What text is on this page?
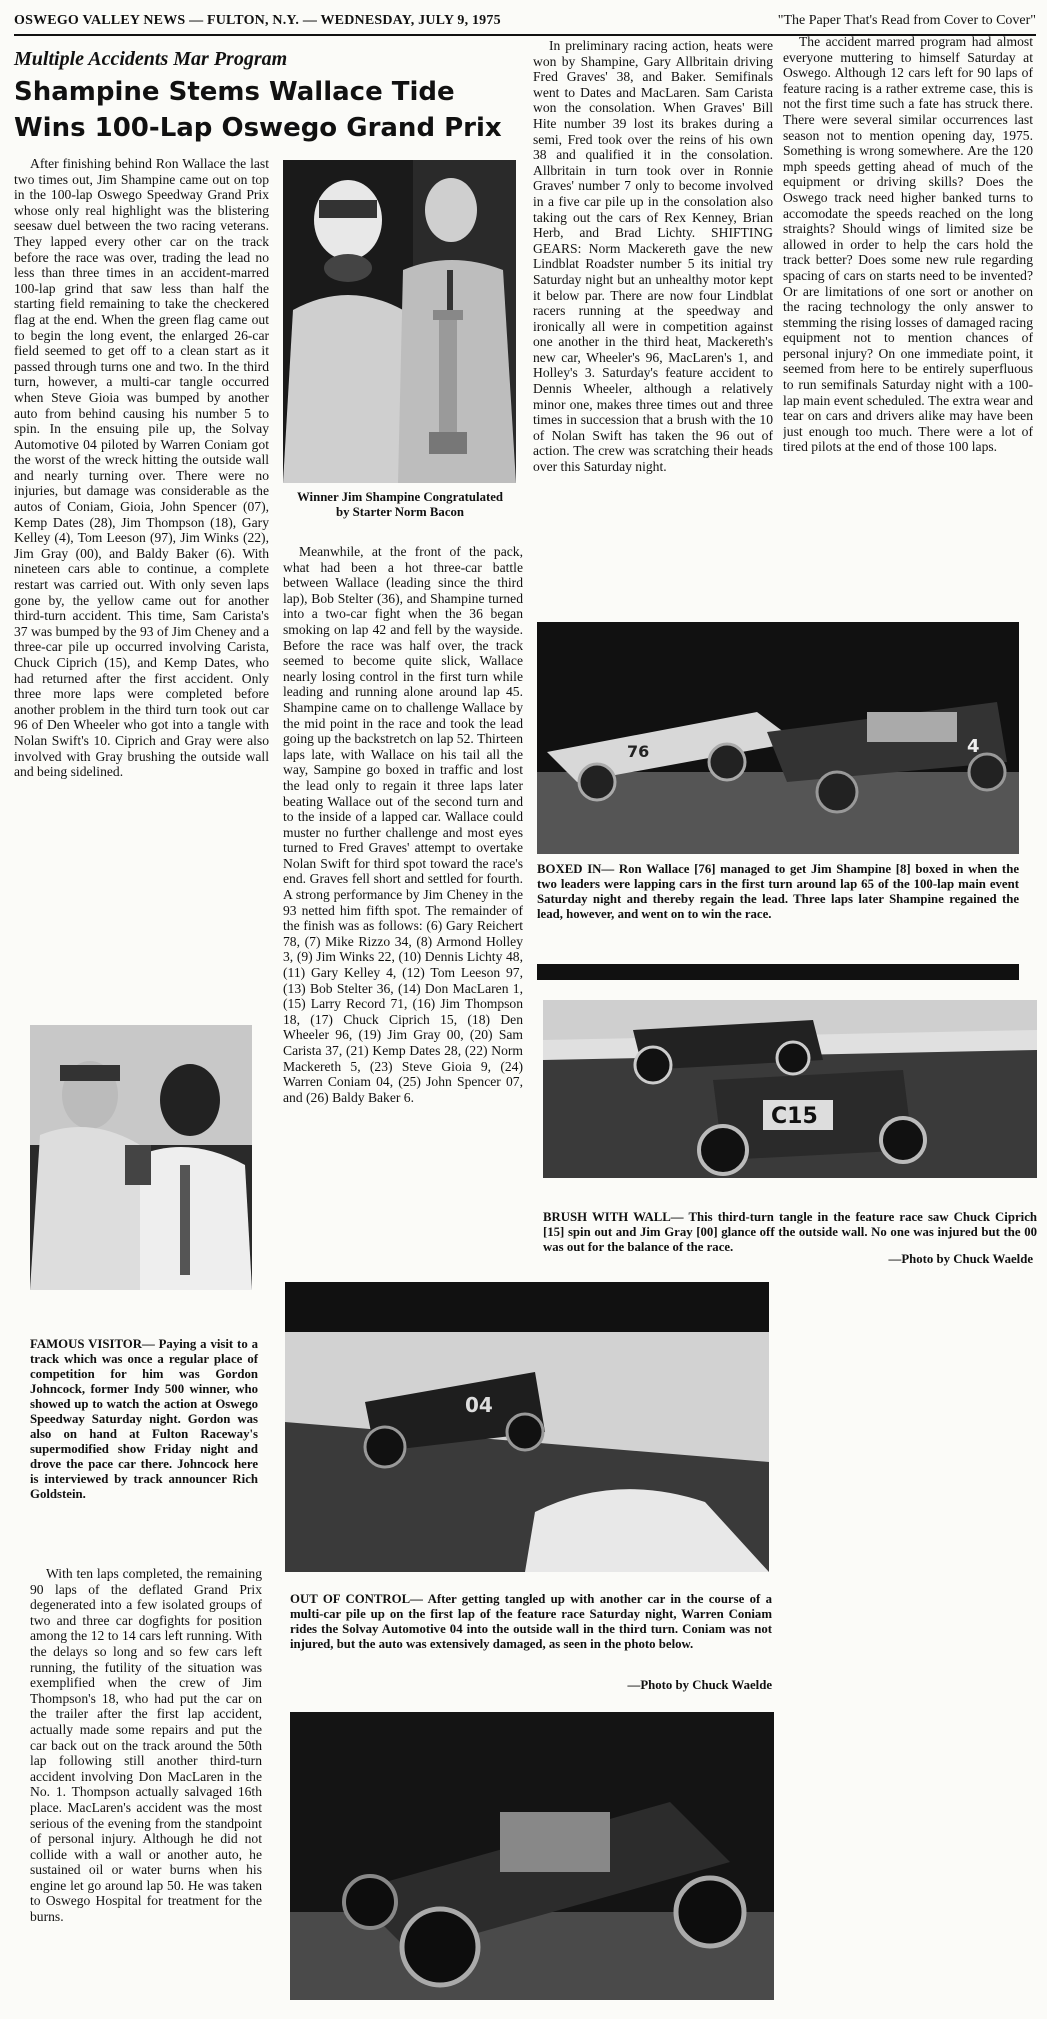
OSWEGO VALLEY NEWS — FULTON, N.Y. — WEDNESDAY, JULY 9, 1975	"The Paper That's Read from Cover to Cover"
Multiple Accidents Mar Program
Shampine Stems Wallace Tide
Wins 100-Lap Oswego Grand Prix

After finishing behind Ron Wallace the last two times out, Jim Shampine came out on top in the 100-lap Oswego Speedway Grand Prix whose only real highlight was the blistering seesaw duel between the two racing veterans. They lapped every other car on the track before the race was over, trading the lead no less than three times in an accident-marred 100-lap grind that saw less than half the starting field remaining to take the checkered flag at the end. When the green flag came out to begin the long event, the enlarged 26-car field seemed to get off to a clean start as it passed through turns one and two. In the third turn, however, a multi-car tangle occurred when Steve Gioia was bumped by another auto from behind causing his number 5 to spin. In the ensuing pile up, the Solvay Automotive 04 piloted by Warren Coniam got the worst of the wreck hitting the outside wall and nearly turning over. There were no injuries, but damage was considerable as the autos of Coniam, Gioia, John Spencer (07), Kemp Dates (28), Jim Thompson (18), Gary Kelley (4), Tom Leeson (97), Jim Winks (22), Jim Gray (00), and Baldy Baker (6). With nineteen cars able to continue, a complete restart was carried out. With only seven laps gone by, the yellow came out for another third-turn accident. This time, Sam Carista's 37 was bumped by the 93 of Jim Cheney and a three-car pile up occurred involving Carista, Chuck Ciprich (15), and Kemp Dates, who had returned after the first accident. Only three more laps were completed before another problem in the third turn took out car 96 of Den Wheeler who got into a tangle with Nolan Swift's 10. Ciprich and Gray were also involved with Gray brushing the outside wall and being sidelined.

Winner Jim Shampine Congratulated by Starter Norm Bacon

Meanwhile, at the front of the pack, what had been a hot three-car battle between Wallace (leading since the third lap), Bob Stelter (36), and Shampine turned into a two-car fight when the 36 began smoking on lap 42 and fell by the wayside. Before the race was half over, the track seemed to become quite slick, Wallace nearly losing control in the first turn while leading and running alone around lap 45. Shampine came on to challenge Wallace by the mid point in the race and took the lead going up the backstretch on lap 52. Thirteen laps late, with Wallace on his tail all the way, Sampine go boxed in traffic and lost the lead only to regain it three laps later beating Wallace out of the second turn and to the inside of a lapped car. Wallace could muster no further challenge and most eyes turned to Fred Graves' attempt to overtake Nolan Swift for third spot toward the race's end. Graves fell short and settled for fourth. A strong performance by Jim Cheney in the 93 netted him fifth spot. The remainder of the finish was as follows: (6) Gary Reichert 78, (7) Mike Rizzo 34, (8) Armond Holley 3, (9) Jim Winks 22, (10) Dennis Lichty 48, (11) Gary Kelley 4, (12) Tom Leeson 97, (13) Bob Stelter 36, (14) Don MacLaren 1, (15) Larry Record 71, (16) Jim Thompson 18, (17) Chuck Ciprich 15, (18) Den Wheeler 96, (19) Jim Gray 00, (20) Sam Carista 37, (21) Kemp Dates 28, (22) Norm Mackereth 5, (23) Steve Gioia 9, (24) Warren Coniam 04, (25) John Spencer 07, and (26) Baldy Baker 6.

In preliminary racing action, heats were won by Shampine, Gary Allbritain driving Fred Graves' 38, and Baker. Semifinals went to Dates and MacLaren. Sam Carista won the consolation. When Graves' Bill Hite number 39 lost its brakes during a semi, Fred took over the reins of his own 38 and qualified it in the consolation. Allbritain in turn took over in Ronnie Graves' number 7 only to become involved in a five car pile up in the consolation also taking out the cars of Rex Kenney, Brian Herb, and Brad Lichty. SHIFTING GEARS: Norm Mackereth gave the new Lindblat Roadster number 5 its initial try Saturday night but an unhealthy motor kept it below par. There are now four Lindblat racers running at the speedway and ironically all were in competition against one another in the third heat, Mackereth's new car, Wheeler's 96, MacLaren's 1, and Holley's 3. Saturday's feature accident to Dennis Wheeler, although a relatively minor one, makes three times out and three times in succession that a brush with the 10 of Nolan Swift has taken the 96 out of action. The crew was scratching their heads over this Saturday night.

The accident marred program had almost everyone muttering to himself Saturday at Oswego. Although 12 cars left for 90 laps of feature racing is a rather extreme case, this is not the first time such a fate has struck there. There were several similar occurrences last season not to mention opening day, 1975. Something is wrong somewhere. Are the 120 mph speeds getting ahead of much of the equipment or driving skills? Does the Oswego track need higher banked turns to accomodate the speeds reached on the long straights? Should wings of limited size be allowed in order to help the cars hold the track better? Does some new rule regarding spacing of cars on starts need to be invented? Or are limitations of one sort or another on the racing technology the only answer to stemming the rising losses of damaged racing equipment not to mention chances of personal injury? On one immediate point, it seemed from here to be entirely superfluous to run semifinals Saturday night with a 100-lap main event scheduled. The extra wear and tear on cars and drivers alike may have been just enough too much. There were a lot of tired pilots at the end of those 100 laps.

76	4
BOXED IN— Ron Wallace [76] managed to get Jim Shampine [8] boxed in when the two leaders were lapping cars in the first turn around lap 65 of the 100-lap main event Saturday night and thereby regain the lead. Three laps later Shampine regained the lead, however, and went on to win the race.
C15
BRUSH WITH WALL— This third-turn tangle in the feature race saw Chuck Ciprich [15] spin out and Jim Gray [00] glance off the outside wall. No one was injured but the 00 was out for the balance of the race.
—Photo by Chuck Waelde
FAMOUS VISITOR— Paying a visit to a track which was once a regular place of competition for him was Gordon Johncock, former Indy 500 winner, who showed up to watch the action at Oswego Speedway Saturday night. Gordon was also on hand at Fulton Raceway's supermodified show Friday night and drove the pace car there. Johncock here is interviewed by track announcer Rich Goldstein.
04
OUT OF CONTROL— After getting tangled up with another car in the course of a multi-car pile up on the first lap of the feature race Saturday night, Warren Coniam rides the Solvay Automotive 04 into the outside wall in the third turn. Coniam was not injured, but the auto was extensively damaged, as seen in the photo below.
—Photo by Chuck Waelde

With ten laps completed, the remaining 90 laps of the deflated Grand Prix degenerated into a few isolated groups of two and three car dogfights for position among the 12 to 14 cars left running. With the delays so long and so few cars left running, the futility of the situation was exemplified when the crew of Jim Thompson's 18, who had put the car on the trailer after the first lap accident, actually made some repairs and put the car back out on the track around the 50th lap following still another third-turn accident involving Don MacLaren in the No. 1. Thompson actually salvaged 16th place. MacLaren's accident was the most serious of the evening from the standpoint of personal injury. Although he did not collide with a wall or another auto, he sustained oil or water burns when his engine let go around lap 50. He was taken to Oswego Hospital for treatment for the burns.
